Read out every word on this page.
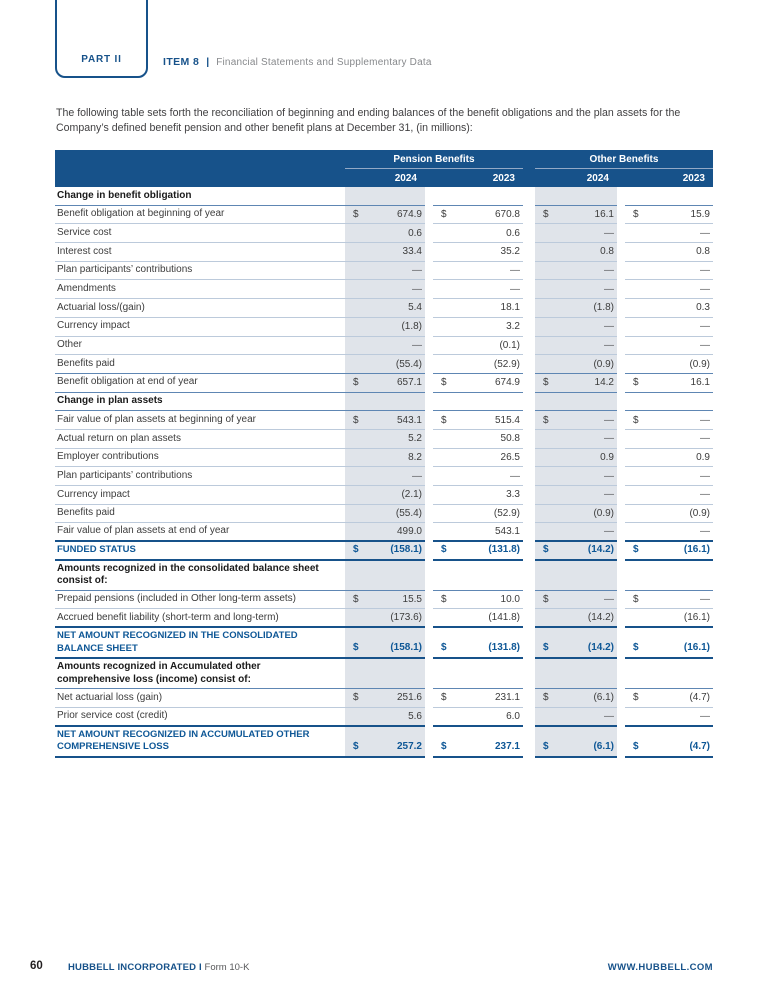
PART II	ITEM 8 | Financial Statements and Supplementary Data

The following table sets forth the reconciliation of beginning and ending balances of the benefit obligations and the plan assets for the Company’s defined benefit pension and other benefit plans at December 31, (in millions):

Pension Benefits	Other Benefits
2024	2023	2024	2023
Change in benefit obligation
Benefit obligation at beginning of year	$	674.9 $	670.8 $	16.1 $	15.9
Service cost	0.6	0.6	—	—
Interest cost	33.4	35.2	0.8	0.8
Plan participants’ contributions	—	—	—	—
Amendments	—	—	—	—
Actuarial loss/(gain)	5.4	18.1	(1.8)	0.3
Currency impact	(1.8)	3.2	—	—
Other	—	(0.1)	—	—
Benefits paid	(55.4)	(52.9)	(0.9)	(0.9)
Benefit obligation at end of year	$	657.1 $	674.9 $	14.2 $	16.1
Change in plan assets
Fair value of plan assets at beginning of year	$	543.1 $	515.4 $	— $	—
Actual return on plan assets	5.2	50.8	—	—
Employer contributions	8.2	26.5	0.9	0.9
Plan participants’ contributions	—	—	—	—
Currency impact	(2.1)	3.3	—	—
Benefits paid	(55.4)	(52.9)	(0.9)	(0.9)
Fair value of plan assets at end of year	499.0	543.1	—	—
FUNDED STATUS	$	(158.1) $	(131.8) $	(14.2) $	(16.1)
Amounts recognized in the consolidated balance sheet consist of:
Prepaid pensions (included in Other long-term assets)	$	15.5 $	10.0 $	— $	—
Accrued benefit liability (short-term and long-term)	(173.6)	(141.8)	(14.2)	(16.1)
NET AMOUNT RECOGNIZED IN THE CONSOLIDATED BALANCE SHEET	$	(158.1) $	(131.8) $	(14.2) $	(16.1)
Amounts recognized in Accumulated other comprehensive loss (income) consist of:
Net actuarial loss (gain)	$	251.6 $	231.1 $	(6.1) $	(4.7)
Prior service cost (credit)	5.6	6.0	—	—
NET AMOUNT RECOGNIZED IN ACCUMULATED OTHER COMPREHENSIVE LOSS	$	257.2 $	237.1 $	(6.1) $	(4.7)
60	HUBBELL INCORPORATED I Form 10-K	WWW.HUBBELL.COM
